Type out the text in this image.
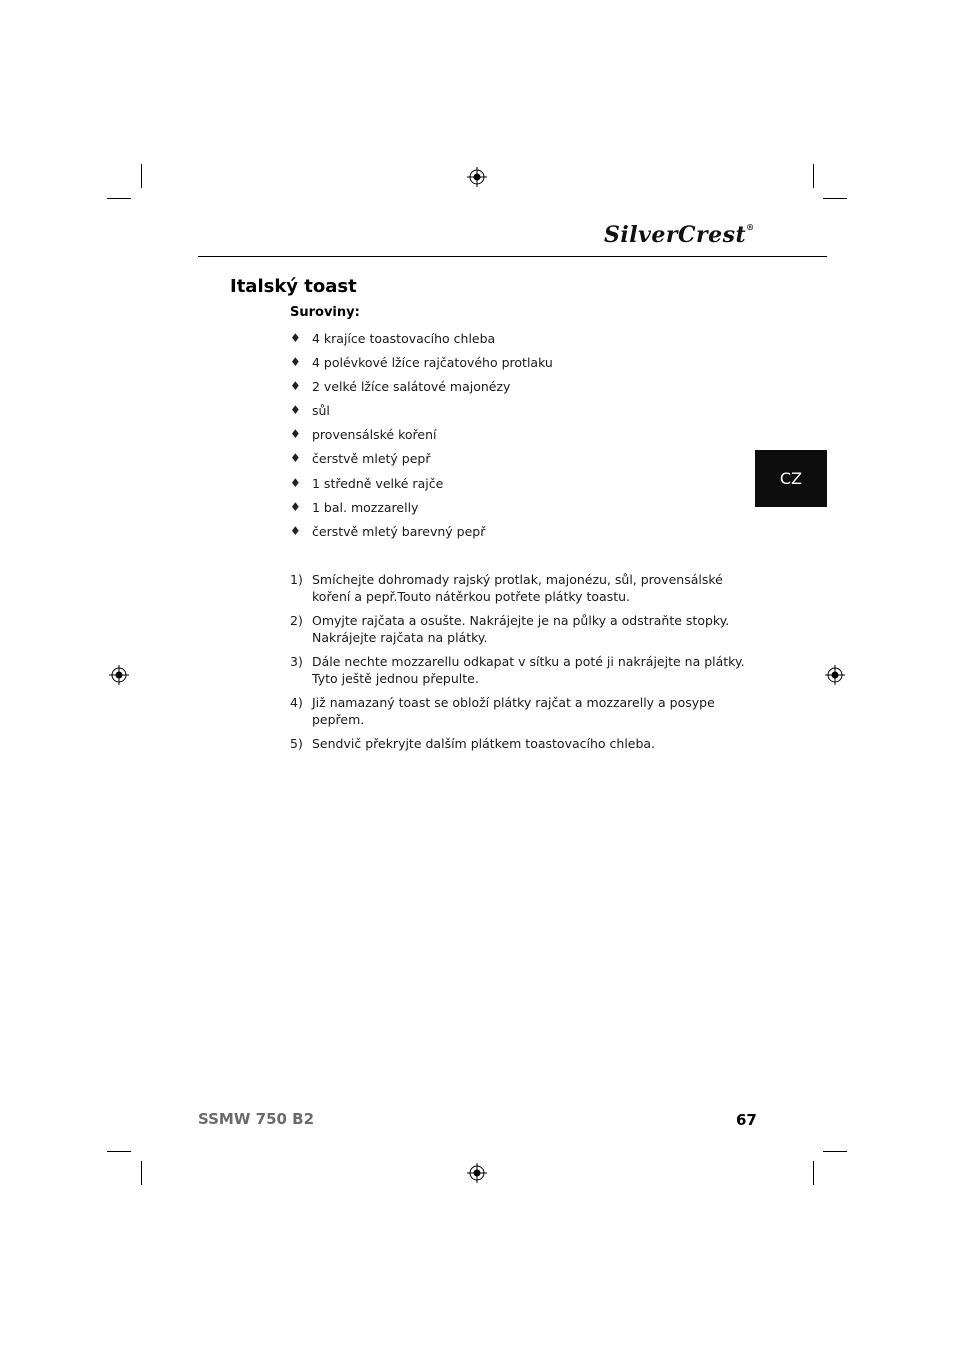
SilverCrest®
Italský toast
Suroviny:
♦ 4 krajíce toastovacího chleba
♦ 4 polévkové lžíce rajčatového protlaku
♦ 2 velké lžíce salátové majonézy
♦ sůl
♦ provensálské koření
♦ čerstvě mletý pepř
♦ 1 středně velké rajče
♦ 1 bal. mozzarelly
♦ čerstvě mletý barevný pepř
1) Smíchejte dohromady rajský protlak, majonézu, sůl, provensálské koření a pepř.Touto nátěrkou potřete plátky toastu.
2) Omyjte rajčata a osušte. Nakrájejte je na půlky a odstraňte stopky. Nakrájejte rajčata na plátky.
3) Dále nechte mozzarellu odkapat v sítku a poté ji nakrájejte na plátky. Tyto ještě jednou přepulte.
4) Již namazaný toast se obloží plátky rajčat a mozzarelly a posype pepřem.
5) Sendvič překryjte dalším plátkem toastovacího chleba.
CZ
SSMW 750 B2	67
